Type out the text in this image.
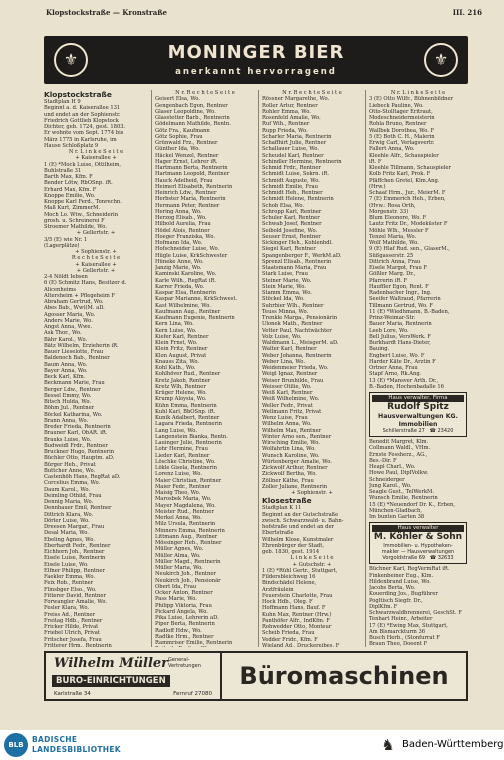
Klopstockstraße — Kronstraße	III. 216
⚜	MONINGER BIER
anerkannt hervorragend
⚜

Klopstockstraße

Stadtplan H 9

Beginnt a. d. Kaiserallee 131

und endet an der Sophienstr.

Friedrich Gottlieb Klopstock

Dichter, geb. 1724, gest. 1803.

Er wohnte vom Sept. 1774 bis

März 1775 in Karlsruhe, im

Hause Schloßplatz 9

N r. L i n k e S e i t e

+ Kaiserallee +

1 (E) *Mock Luise, Ottilheim,

Buhlstraße 31

Barth Max, Kfm. F

Bender Lötw, RbOSnp. iR.

Erhard Max, Kfm. F

Knoppe Emilie, Wo.

Knoppe Karl Ferd., Tonrechn.

Maß Kurt, ZimmerM.

Moch Lo. Wtw., Schneiderin

grosh. u. Schreinerei F

Stroemer Mathilde, Wo.

+ Gellertstr. +

3/5 (E) wie Nr. 1

(Lagerplätze)

+ Sophienstr. +

R e c h t e S e i t e

+ Kaiserallee +

+ Gellertstr. +

2-4 Nöldt Iebsen

6 (E) Schmitz Hans, Besitzer d.

Alicenheims

Altersheim + Pflegeheim F

Abraham Gertrud, Wo.

Abes Bab., Wwt(M. aD.

Agosser Maria, Wo.

Anders Marie, Wo.

Angst Anna, Wwe.

Ask Thor., Wo.

Bähr Karol., Wo.

Bätz Wilhelm, Erzieherin iR.

Bauer Lieselotte, Frau

Baldenoch Bab., Rentner

Baum Anna, Wo.

Bayer Anna, Wo.

Beck Karl, Kfm.

Beckmann Marie, Frau

Berger Ldw., Rentner

Bessel Emmy, Wo.

Bitsch Hulda, Wo.

Böhm Jul., Rentner

Böckel Katharina, Wo.

Brann Anna, Wo.

Breder Frieda, Rentnerin

Brauner Karl, ObAR. iR.

Brauks Luise, Wo.

Budweidl Frdr., Rentner

Bruckner Hugo, Rentnerin

Büchler Otto, Hauptm. aD.

Bürger Heh., Privat

Buttcher Anne, Wo.

Castenhöh Hans, RegRat aD.

Corcelius Emma, Wo.

Daum Karol., Wo.

Deimling Othild, Frau

Dennig Maria, Wo.

Dennhauer Emil, Rentner

Dittrich Klara, Wo.

Dörler Luise, Wo.

Dreesen Margar., Frau

Desal Maria, Wo.

Ebeling Agnes, Wo.

Eberhardt Fedr., Rentner

Eichhorn Joh., Rentner

Eisele Luise, Rentnerin

Eisele Luise, Wo.

Elfner Philipp, Rentner

Faekler Emma, Wo.

Feix Rob., Rentner

Flinsbger Elso., Wo.

Fitterer David, Rentner

Forwangler Amalie, Wo.

Fesler Klara, Wo.

Freiss Ad., Rentner

Freitag Hdb., Rentner

Fricker Hilde, Privat

Friebel Ulrich, Privat

Fritscher Josefa, Frau

Fritterer Hrm., Rentnerin

N r. R e c h t e S e i t e

Geisert Elsa, Wo.

Gengenbach Egon, Rentner

Glaser Leopoldine, Wo.

Glasstetter Barb., Rentnerin

Gödelmann Mathilde, Rentn.

Götz Fra., Kaufmann

Götz Sophie, Frau

Grünwald Frz., Rentner

Günther Ida, Wo.

Häckel Wenzel, Rentner

Hager Ernst, Lehrer iR.

Hartmann Berta, Rentnerin

Hartmann Leopold, Rentner

Hauck Adelheid, Frau

Heimerl Elisabeth, Rentnerin

Heinrich Ldw., Rentner

Herbster Maria, Rentnerin

Hermann Peter, Rentner

Hering Anna, Wo.

Herzog Elisab., Wo.

Hilbold Aurelia, Frau

Hödel Alois, Rentner

Hoeger Franziska, Wo.

Hofmann Ida, Wo.

Hofschneider Luise, Wo.

Hügle Luise, KrkSchwester

Hüneke Anne, Wo.

Janzig Marie, Wo.

Kaminski Karoline, Wo.

Karle Wilh., RegRat iR.

Karrer Frieda, Wo.

Kaspar Elsa, Rentnerin

Kaspar Marianne, KrkSchwest.

Kast Wilhelmine, Wo.

Kaufmann Aug., Rentner

Kaufmann Eugenie, Rentnerin

Kern Lina, Wo.

Kern Luise, Wo.

Kiefer Karl, Rentner

Klein Frnst, Wo.

Klein Fritz, Rentner

Klon August, Privat

Knauss Zita, Wo.

Kohl Kath., Wo.

Kohlhöver Rud., Rentner

Kretz Jakob, Rentner

Kretz Wlh, Rentner

Krüger Helene, Wo.

Krump Aloysia, Wo.

Kühn Emma, Rentnerin

Kuhl Karl, BbOSnp. iR.

Kunik Adalbert, Rentner

Lagara Frieda, Rentnerin

Lang Luise, Wo.

Langenstein Bianka, Rentn.

Lauinger Julie, Rentnerin

Lohr Hermine, Frau

Lieder Karl, Rentner

Löschke Christine, Wo.

Lökle Gisela, Rentnerin

Lorenz Luise, Wo.

Maier Christian, Rentner

Maier Fedr., Rentner

Maisig Theo, Wo.

Marosbek Maria, Wo.

Mayer Magdalena, Wo.

Meister Rud., Rentner

Merkel Anna, Wo.

Milz Ursula, Rentnerin

Minners Emma, Rentnerin

Littmann Aug., Rentner

Mössinger Heh., Rentner

Müller Agnes, Wo.

Müller Alma, Wo.

Müller Magd., Rentnerin

Müller Maria, Wo.

Neukirch Joh., Rentner

Neukirch Joh., Pensionär

Obert Ida, Frau

Ocker Anton, Rentner

Pass Marie, Wo.

Philipp Viktoria, Frau

Pickard Angela, Wo.

Pika Luise, Lehrerin aD.

Piper Berta, Rentnerin

Radloff Hdw., Wo.

Radtke Hrm., Rentner

Rammriser Emilie, Rentnerin

N r. R e c h t e S e i t e

Rössner Margarethe, Wo.

Roller Artur, Rentner

Rohler Emma, Wo.

Rosenfeld Amalie, Wo.

Ruf Wih., Rentner

Rupp Frieda, Wo.

Scharler Maria, Rentnerin

Schaffhirt Julie, Rentner

Schallauer Luise, Wo.

Scheudel Karl, Rentner

Schindler Hermine, Rentnerin

Schmid Frdr., Rentner

Schmidt Luise, Sekrn. iR.

Schmidt Auguste, Wo.

Schmidt Emilie, Frau

Schmidt Heh., Rentner

Schmidt Helene, Rentnerin

Schob Elsa, Wo.

Schropp Karl, Rentner

Schuler Karl, Rentner

Schwab Josef, Rentner

Seibold Josefine, Wo.

Seuser Ernst, Rentner

Sickinger Heh., Kohlenhdl.

Siegel Karl, Rentner

Spangenberger F., WerkM.aD.

Sprenzl Elisab., Rentnerin

Staatsmann Maria, Frau

Stark Luise, Frau

Steiner Marie, Wo.

Stein Marie, Wo.

Stamm Emma, Wo.

Stöckel Ida, Wo.

Suhrbier Wlh., Rentner

Teuss Minna, Wo.

Trenkle Marga., Pensionärin

Ulonek Math., Rentner

Vetter Paul, Nachtwächter

Volz Luise, Wo.

Waldmann L., MeisgerM. aD.

Walter Karl, Rentner

Weber Johanna, Rentnerin

Weber Lina, Wo.

Weidenmeier Frieda, Wo.

Weigl Ignaz, Rentner

Weiser Brunhilde, Frau

Weisser Otilie, Wo.

Weiß Karl, Rentner

Weiß Wilhelmine, Wo.

Weller Fedr., Privat

Wellmann Fritz, Privat

Wenz Luise, Frau

Wilhelm Anna, Wo.

Wilhelm Max, Rentner

Winter Arno sen., Rentner

Wirsching Emilie, Wo.

Wolfahrtin Lina, Wo.

Wunsch Karoline, Wo.

Würtenberger Amalie, Wo.

Zickwolf Arthur, Rentner

Zickwolf Bertha, Wo.

Zöllner Käthe, Frau

Zoller Juliane, Rentnerin

+ Sophienstr. +

Klosestraße

Stadtplan K 11

Beginnt an der Gutschstraße

zwisch. Schwarzwald- u. Bahn-

hofstraße und endet an der

Ebertstraße

Wilhelm Klose, Kunstmaler

Ehrenbürger der Stadt,

geb. 1830, gest. 1914

L i n k e S e i t e

+ Gutschstr. +

1 (E) *Rühl Gertr., Stuttgart,

Fildersbleichweg 16

Bindschädel Helene,

Arztfräulein

Feuerstein Charlotte, Frau

Hock Hdb., Oleg. F

Hoffmann Hans, Bauf. F

Kuhn Max, Rentner (Hrw.)

Panthöfer Alfr., IndKfm. F

Rohwedder Otto, Monteur

Scheib Frieda, Frau

Vedder Fridr., Kfm. F

Wieland Ad., Druckereibes. F

N r. L i n k e S e i t e

3 (E) Otto Wilfr., Bühnenbildner

Liebeck Pauline, Wo.

Otto-Stolltager Eritraut,

Modeschneidermeisterin

Rohla Bruno, Rentner

Wallbek Dorothea, Wo. F

5 (E) Both C. H., Malerin

Erwig Carl, Verlagsvertr.

Fallert Anna, Wo.

Kleehle Alfr., Schauspieler

iR. F

Kleehle Tillmann, Schauspieler

Kolb Fritz Karl, Prok. F

Pfäffchen Gretel, Klm.Ang.

(Hrw.)

Schaaf Hrm., Jur., MeierM. F

7 (E) Emmerich Heh., Erben,

(Hvw.: Rosa Orth,

Morgenstr. 33)

Blum Eleonore, Wo. F

Lautz Fritz Dr., Modeküster F

Möhle Wlh., Messler F

Tenzel Maria, Wo.

Wolf Mathilde, Wo.

9 (E) Hlaf Rud. sen., GlaserM.,

Süßgasserstr. 25

Dittrich Anna, Frau

Eisele Margot, Frau F

Gößler Marg. Dr.,

Pfarrerin iR. F

Hauffler Egon, Rent. F

Radenbacher Ingr., Ing.

Seeifer Waltraud, Pfarrerin

Tillmann Gertrud, Wo. F

11 (E) *Wiedhmann, B.-Baden,

Prinz-Weimar-Str.

Bauer Maria, Rentnerin

Leeb Lore, Wo.

Bell Julius, VersWerk. F

Burkhardt Hans-Dieter,

Bauing.

Engbert Luise, Wo. F

Harder Käte Dr., Ärztin F

Ortner Anna, Frau

Stapf Arno, Rk.Ang.

13 (E) *Mansver Arth. Dr.,

B.-Baden, Hochenbadalle 16

Haus verwalter, Firma

Rudolf Spitz

Hausverwaltungen KG.

Immobilien

Schillerstraße 27 ☎ 23420

Benedit Margret, Klm.

Collmann Waldl., VHm.

Ernste Fessherz., AG.,

Bes.-Dir. F

Heapl Charl., Wo.

Howe Paul, DipIVolkw.

Schneiderger

Jung Karol., Wo.

Seagle Gust., TelWerkM.

Wunsch Emilie, Rentnerin

15 (E) *Neuendorf Dr. K., Erben,

München-Gladbach,

Im bunten Garten 38

Haus verwalter

M. Köhler & Sohn

Immobilien- u. Hypotheken-

makler — Hausverwaltungen

Vorgoldstraße 69 ☎ 32633

Büchner Karl, RegVermRat iR.

Finkenbeiner Eug., Klm.

Hildenbrand Luise, Wo.

Jacobs Berta, Wo.

Kouerding Jos., Bugführer

Pogltisch Siegfr. Dr.,

DiplKfm. F

Schwarzwaldbrennerei, GeschSt. F

Tenhart Heinr., Arbeiter

17 (E) *Ewing Max, Stuttgart,

Am Bismarckturm 36

Busch Herb., (Stonfurrat F

Braun Theo, Doeent F

Wilhelm Müller General-
Vertretungen
BURO-EINRICHTUNGEN
Karlstraße 34	Fernruf 27080
Büromaschinen
BLB
BADISCHE
LANDESBIBLIOTHEK	♞ Baden-Württemberg
